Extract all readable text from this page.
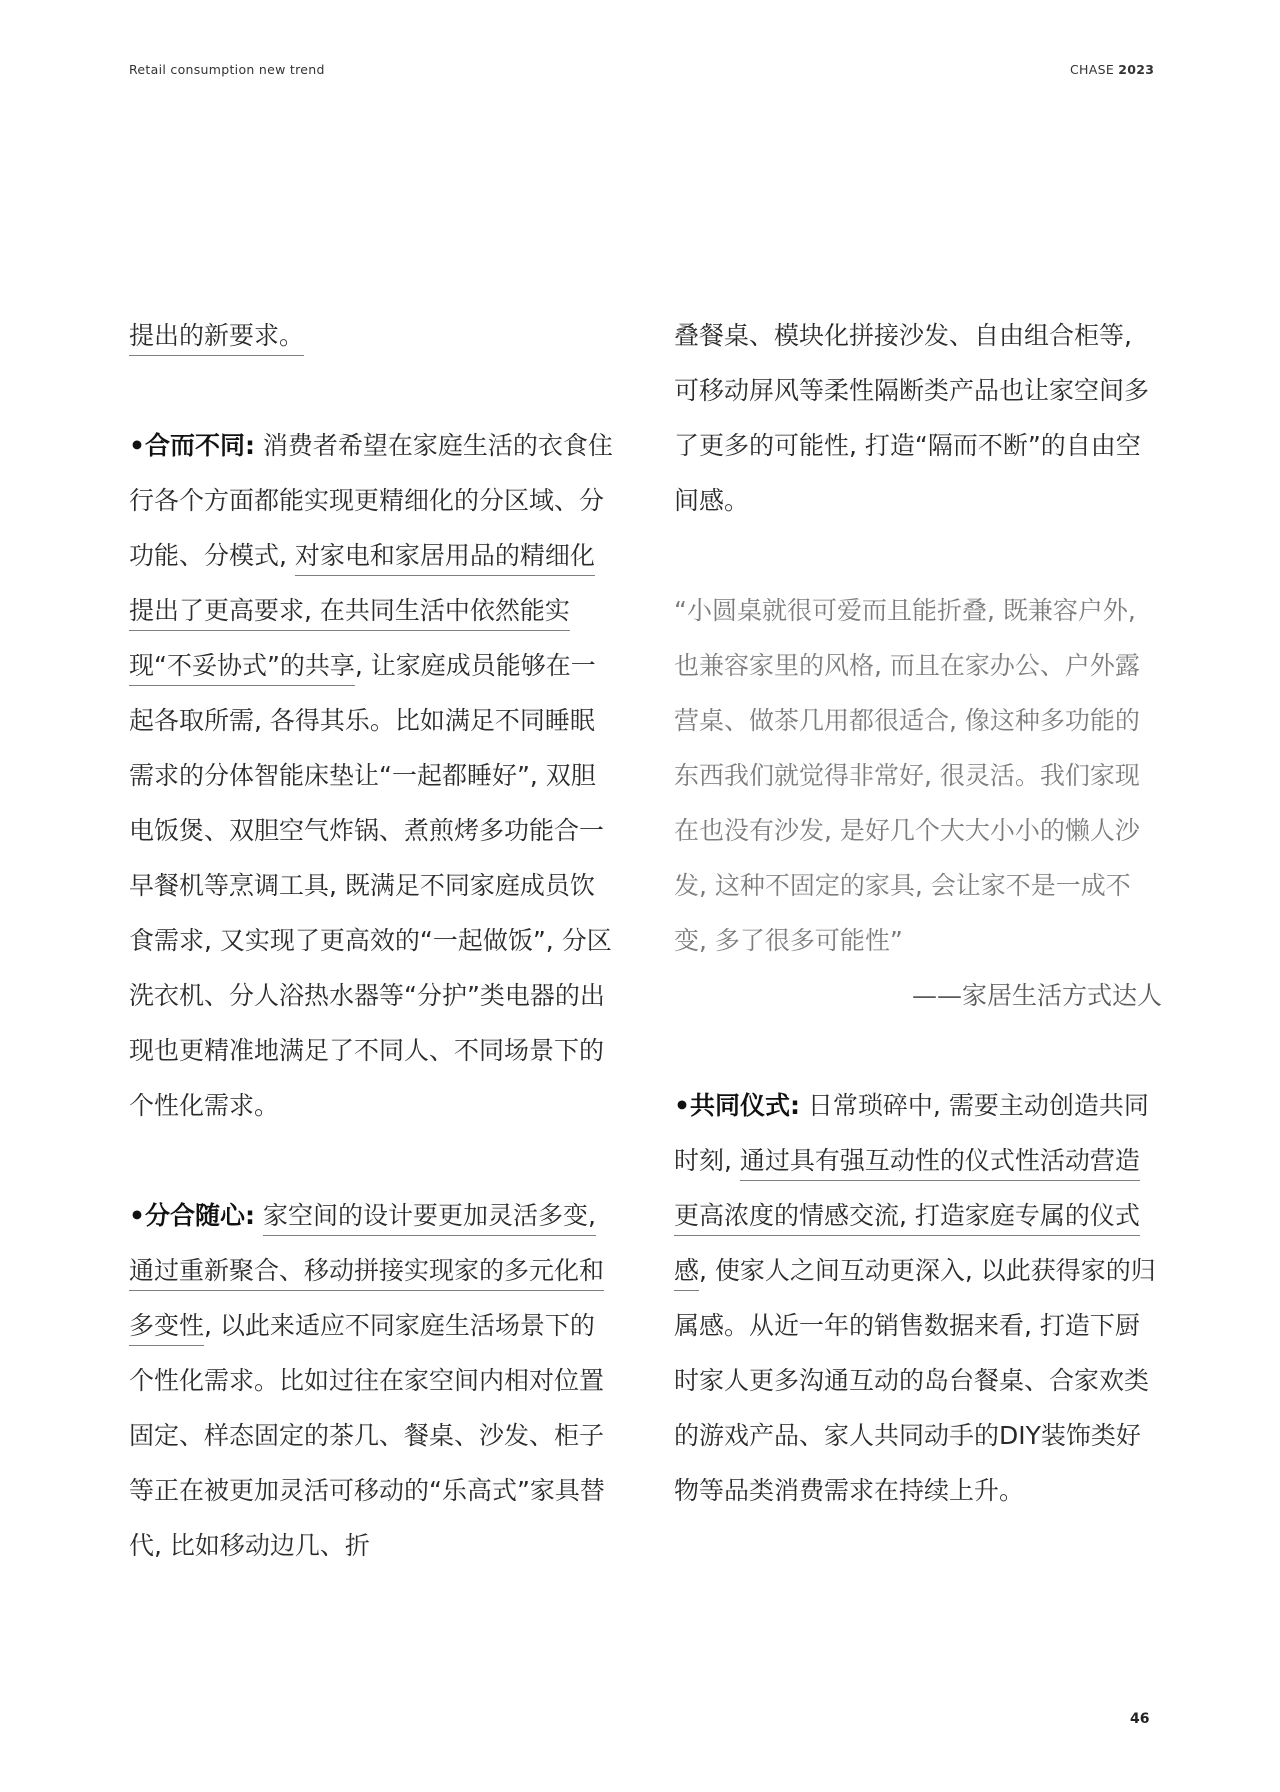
Retail consumption new trend	CHASE 2023

提出的新要求。

•合而不同: 消费者希望在家庭生活的衣食住行各个方面都能实现更精细化的分区域、分功能、分模式, 对家电和家居用品的精细化提出了更高要求, 在共同生活中依然能实现“不妥协式”的共享, 让家庭成员能够在一起各取所需, 各得其乐。比如满足不同睡眠需求的分体智能床垫让“一起都睡好”, 双胆电饭煲、双胆空气炸锅、煮煎烤多功能合一早餐机等烹调工具, 既满足不同家庭成员饮食需求, 又实现了更高效的“一起做饭”, 分区洗衣机、分人浴热水器等“分护”类电器的出现也更精准地满足了不同人、不同场景下的个性化需求。

•分合随心: 家空间的设计要更加灵活多变, 通过重新聚合、移动拼接实现家的多元化和多变性, 以此来适应不同家庭生活场景下的个性化需求。比如过往在家空间内相对位置固定、样态固定的茶几、餐桌、沙发、柜子等正在被更加灵活可移动的“乐高式”家具替代, 比如移动边几、折

叠餐桌、模块化拼接沙发、自由组合柜等, 可移动屏风等柔性隔断类产品也让家空间多了更多的可能性, 打造“隔而不断”的自由空间感。

“小圆桌就很可爱而且能折叠, 既兼容户外, 也兼容家里的风格, 而且在家办公、户外露营桌、做茶几用都很适合, 像这种多功能的东西我们就觉得非常好, 很灵活。我们家现在也没有沙发, 是好几个大大小小的懒人沙发, 这种不固定的家具, 会让家不是一成不变, 多了很多可能性”

——家居生活方式达人

•共同仪式: 日常琐碎中, 需要主动创造共同时刻, 通过具有强互动性的仪式性活动营造更高浓度的情感交流, 打造家庭专属的仪式感, 使家人之间互动更深入, 以此获得家的归属感。从近一年的销售数据来看, 打造下厨时家人更多沟通互动的岛台餐桌、合家欢类的游戏产品、家人共同动手的DIY装饰类好物等品类消费需求在持续上升。

46
